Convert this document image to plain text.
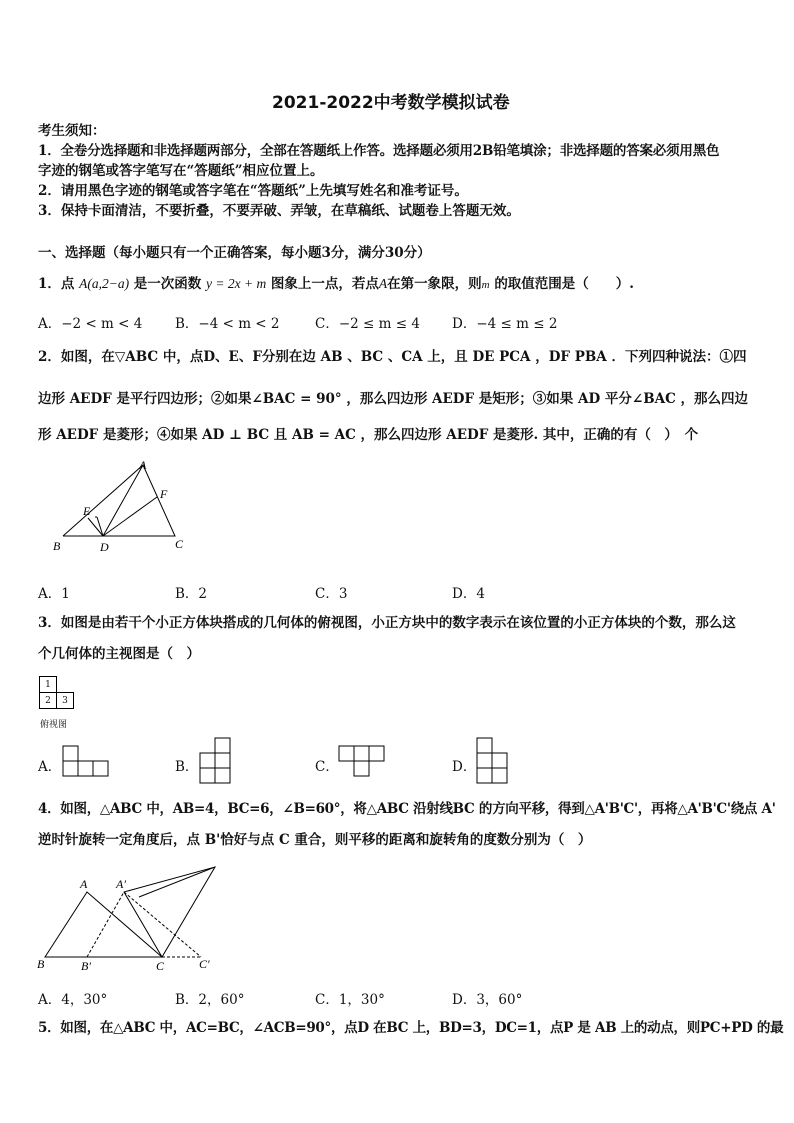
2021-2022中考数学模拟试卷
考生须知：
1．全卷分选择题和非选择题两部分，全部在答题纸上作答。选择题必须用2B铅笔填涂；非选择题的答案必须用黑色
字迹的钢笔或答字笔写在“答题纸”相应位置上。
2．请用黑色字迹的钢笔或答字笔在“答题纸”上先填写姓名和准考证号。
3．保持卡面清洁，不要折叠，不要弄破、弄皱，在草稿纸、试题卷上答题无效。
一、选择题（每小题只有一个正确答案，每小题3分，满分30分）
1．点 A(a,2−a) 是一次函数 y = 2x + m 图象上一点，若点A在第一象限，则m 的取值范围是（　　）.
A．−2 < m < 4 B．−4 < m < 2	C．−2 ≤ m ≤ 4 D．−4 ≤ m ≤ 2
2．如图，在▽ABC 中，点D、E、F分别在边 AB 、BC 、CA 上，且 DE PCA ，DF PBA ．下列四种说法：①四
边形 AEDF 是平行四边形；②如果∠BAC = 90° ，那么四边形 AEDF 是矩形；③如果 AD 平分∠BAC ，那么四边
形 AEDF 是菱形；④如果 AD ⊥ BC 且 AB = AC ，那么四边形 AEDF 是菱形. 其中，正确的有（　）　个
A
F
E
B	D	C
A．1	B．2	C．3	D．4
3．如图是由若干个小正方体块搭成的几何体的俯视图，小正方块中的数字表示在该位置的小正方体块的个数，那么这
个几何体的主视图是（　）
1	
2	3
俯视图
A．	B．	C．	D．
4．如图，△ABC 中，AB=4，BC=6，∠B=60°，将△ABC 沿射线BC 的方向平移，得到△A'B'C'，再将△A'B'C'绕点 A'
逆时针旋转一定角度后，点 B'恰好与点 C 重合，则平移的距离和旋转角的度数分别为（　）
A A′
B	B′	C	C′
A．4，30°	B．2，60°	C．1，30°	D．3，60°
5．如图，在△ABC 中，AC=BC，∠ACB=90°，点D 在BC 上，BD=3，DC=1，点P 是 AB 上的动点，则PC+PD 的最
